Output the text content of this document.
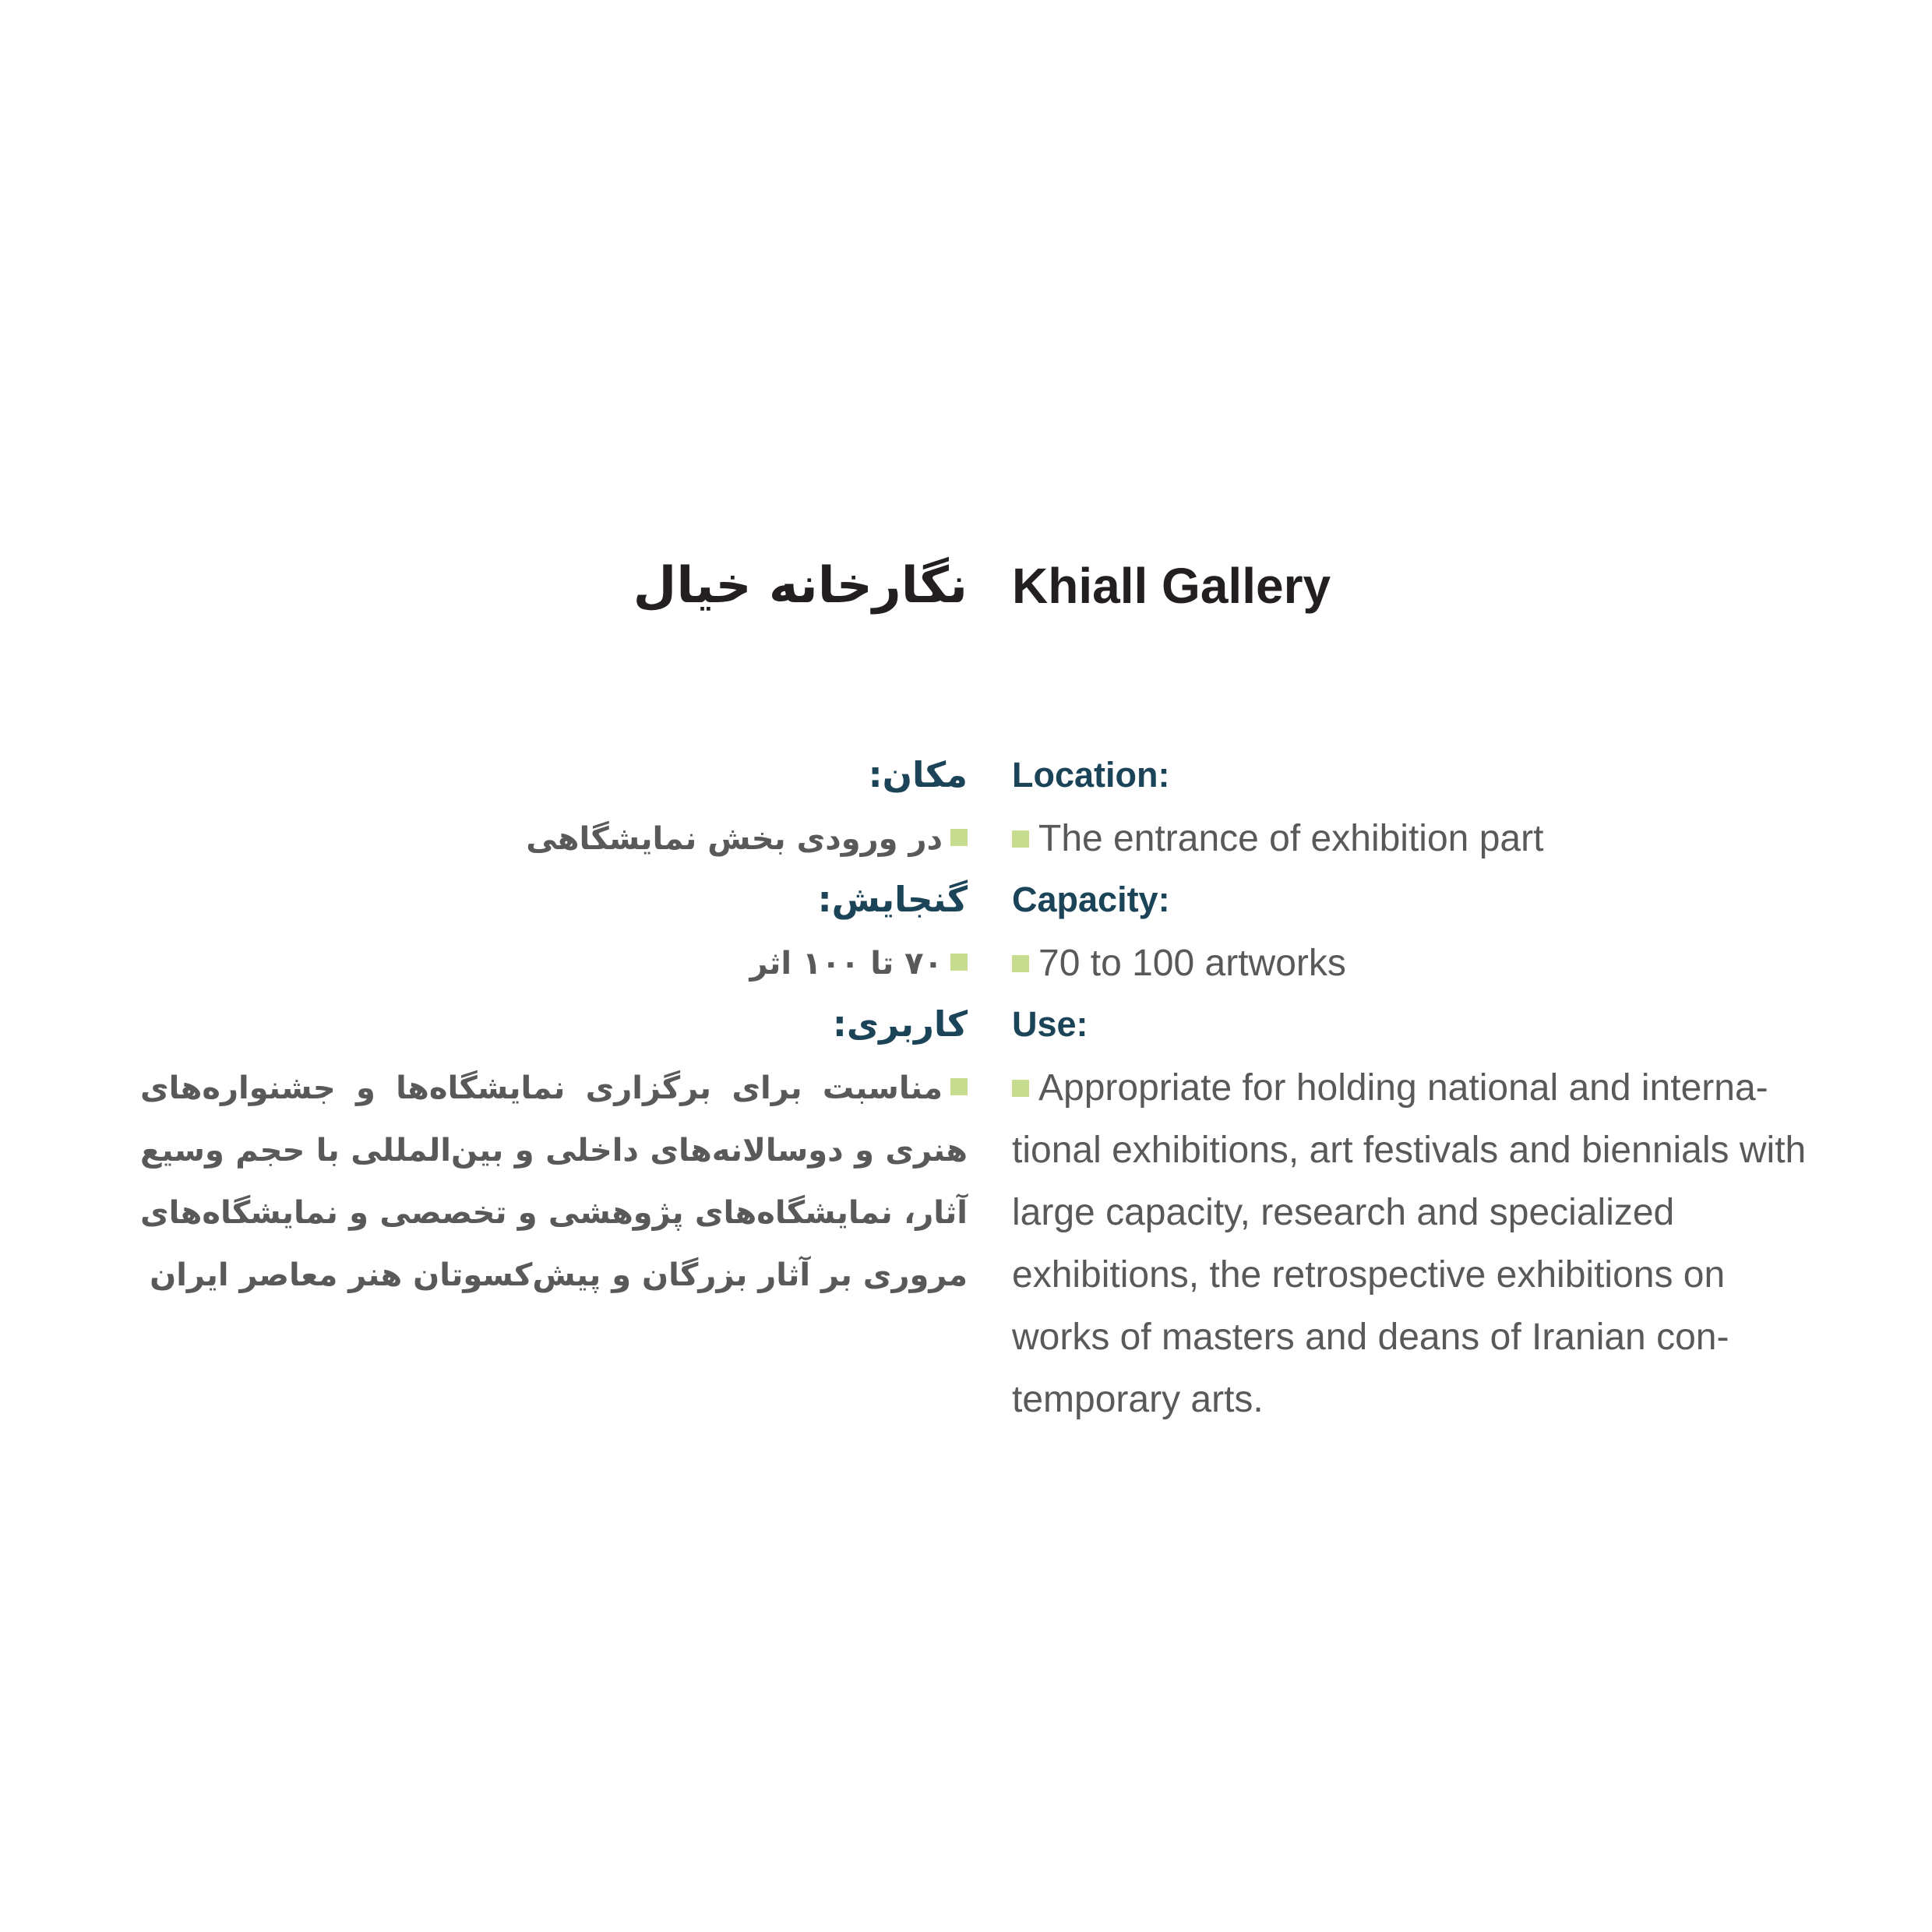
نگارخانه خیال
مکان:
در ورودی بخش نمایشگاهی
گنجایش:
۷۰ تا ۱۰۰ اثر
کاربری:
مناسبت برای برگزاری نمایشگاه‌ها و جشنواره‌های هنری و دوسالانه‌های داخلی و بین‌المللی با حجم وسیع آثار، نمایشگاه‌های پژوهشی و تخصصی و نمایشگاه‌های مروری بر آثار بزرگان و پیش‌کسوتان هنر معاصر ایران
Khiall Gallery
Location:
The entrance of exhibition part
Capacity:
70 to 100 artworks
Use:
Appropriate for holding national and interna-tional exhibitions, art festivals and biennials with large capacity, research and specialized exhibitions, the retrospective exhibitions on works of masters and deans of Iranian con-temporary arts.
